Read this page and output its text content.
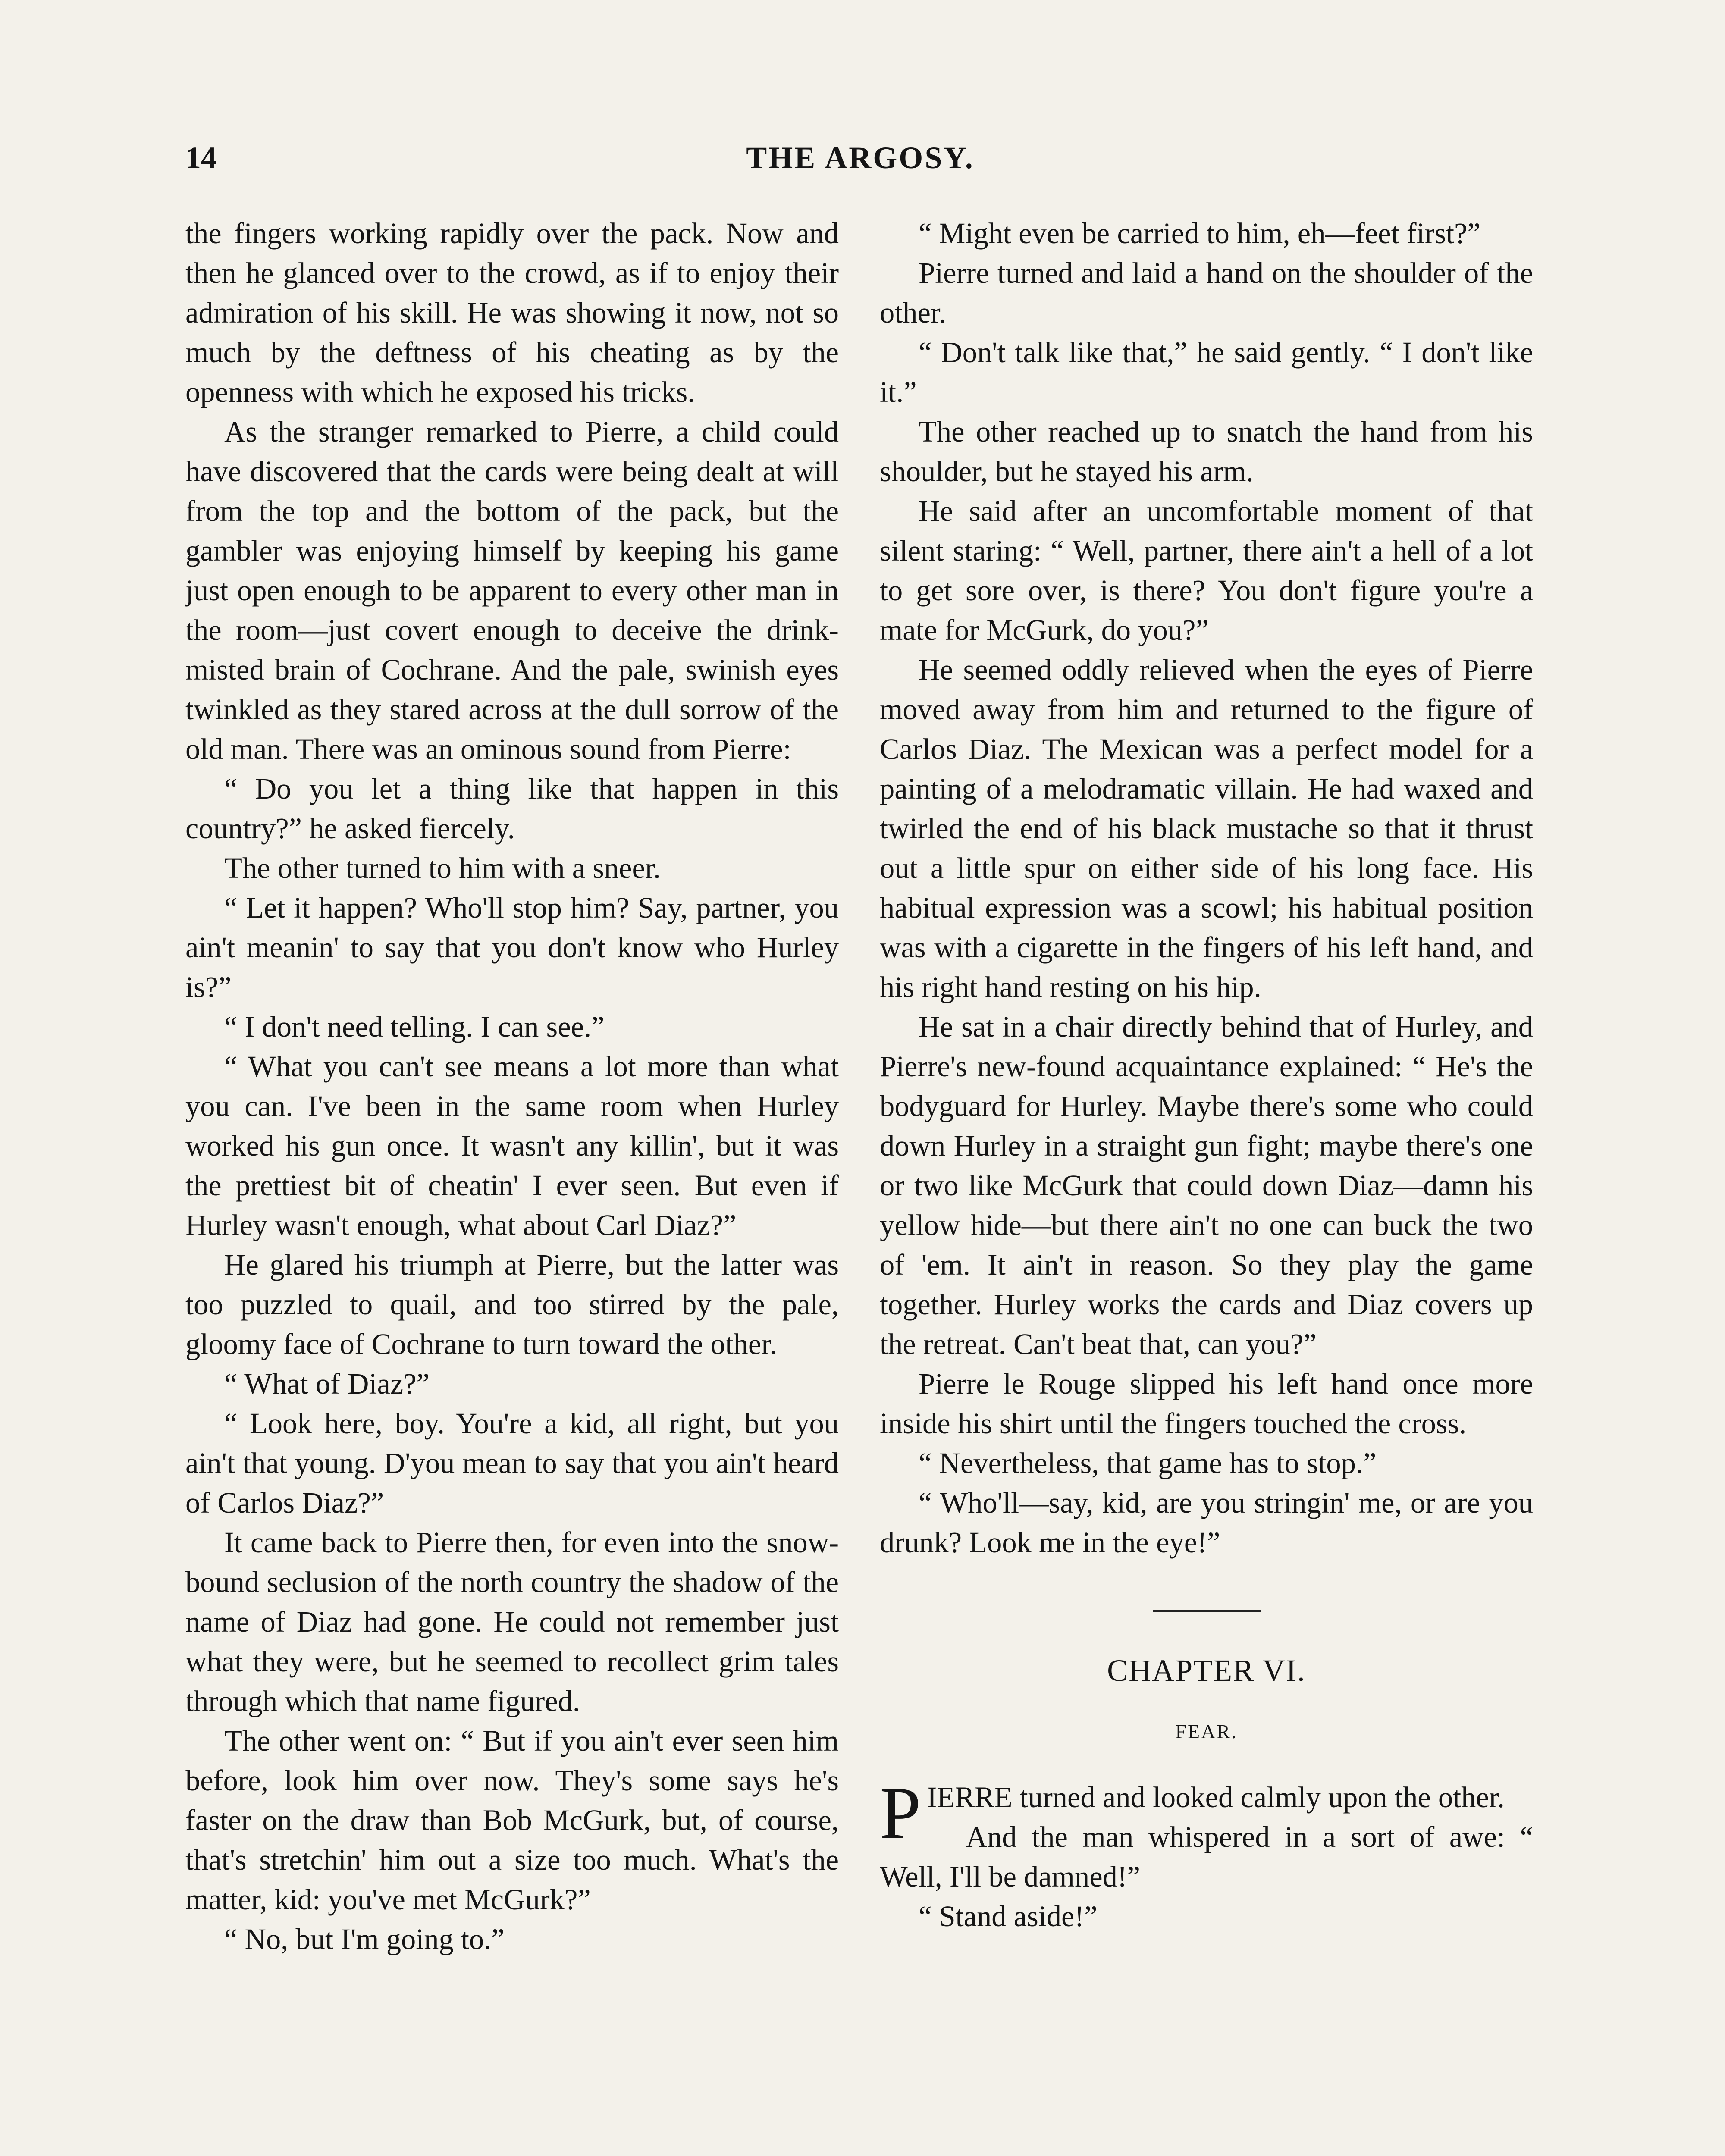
14	THE ARGOSY.

the fingers working rapidly over the pack. Now and then he glanced over to the crowd, as if to enjoy their admiration of his skill. He was showing it now, not so much by the deftness of his cheating as by the openness with which he exposed his tricks.

As the stranger remarked to Pierre, a child could have discovered that the cards were being dealt at will from the top and the bottom of the pack, but the gambler was enjoying himself by keeping his game just open enough to be apparent to every other man in the room—just covert enough to deceive the drink-misted brain of Cochrane. And the pale, swinish eyes twinkled as they stared across at the dull sorrow of the old man. There was an ominous sound from Pierre:

“ Do you let a thing like that happen in this country?” he asked fiercely.

The other turned to him with a sneer.

“ Let it happen? Who'll stop him? Say, partner, you ain't meanin' to say that you don't know who Hurley is?”

“ I don't need telling. I can see.”

“ What you can't see means a lot more than what you can. I've been in the same room when Hurley worked his gun once. It wasn't any killin', but it was the prettiest bit of cheatin' I ever seen. But even if Hurley wasn't enough, what about Carl Diaz?”

He glared his triumph at Pierre, but the latter was too puzzled to quail, and too stirred by the pale, gloomy face of Cochrane to turn toward the other.

“ What of Diaz?”

“ Look here, boy. You're a kid, all right, but you ain't that young. D'you mean to say that you ain't heard of Carlos Diaz?”

It came back to Pierre then, for even into the snow-bound seclusion of the north country the shadow of the name of Diaz had gone. He could not remember just what they were, but he seemed to recollect grim tales through which that name figured.

The other went on: “ But if you ain't ever seen him before, look him over now. They's some says he's faster on the draw than Bob McGurk, but, of course, that's stretchin' him out a size too much. What's the matter, kid: you've met McGurk?”

“ No, but I'm going to.”

“ Might even be carried to him, eh—feet first?”

Pierre turned and laid a hand on the shoulder of the other.

“ Don't talk like that,” he said gently. “ I don't like it.”

The other reached up to snatch the hand from his shoulder, but he stayed his arm.

He said after an uncomfortable moment of that silent staring: “ Well, partner, there ain't a hell of a lot to get sore over, is there? You don't figure you're a mate for McGurk, do you?”

He seemed oddly relieved when the eyes of Pierre moved away from him and returned to the figure of Carlos Diaz. The Mexican was a perfect model for a painting of a melodramatic villain. He had waxed and twirled the end of his black mustache so that it thrust out a little spur on either side of his long face. His habitual expression was a scowl; his habitual position was with a cigarette in the fingers of his left hand, and his right hand resting on his hip.

He sat in a chair directly behind that of Hurley, and Pierre's new-found acquaintance explained: “ He's the bodyguard for Hurley. Maybe there's some who could down Hurley in a straight gun fight; maybe there's one or two like McGurk that could down Diaz—damn his yellow hide—but there ain't no one can buck the two of 'em. It ain't in reason. So they play the game together. Hurley works the cards and Diaz covers up the retreat. Can't beat that, can you?”

Pierre le Rouge slipped his left hand once more inside his shirt until the fingers touched the cross.

“ Nevertheless, that game has to stop.”

“ Who'll—say, kid, are you stringin' me, or are you drunk? Look me in the eye!”

CHAPTER VI.

FEAR.

PIERRE turned and looked calmly upon the other.

And the man whispered in a sort of awe: “ Well, I'll be damned!”

“ Stand aside!”
